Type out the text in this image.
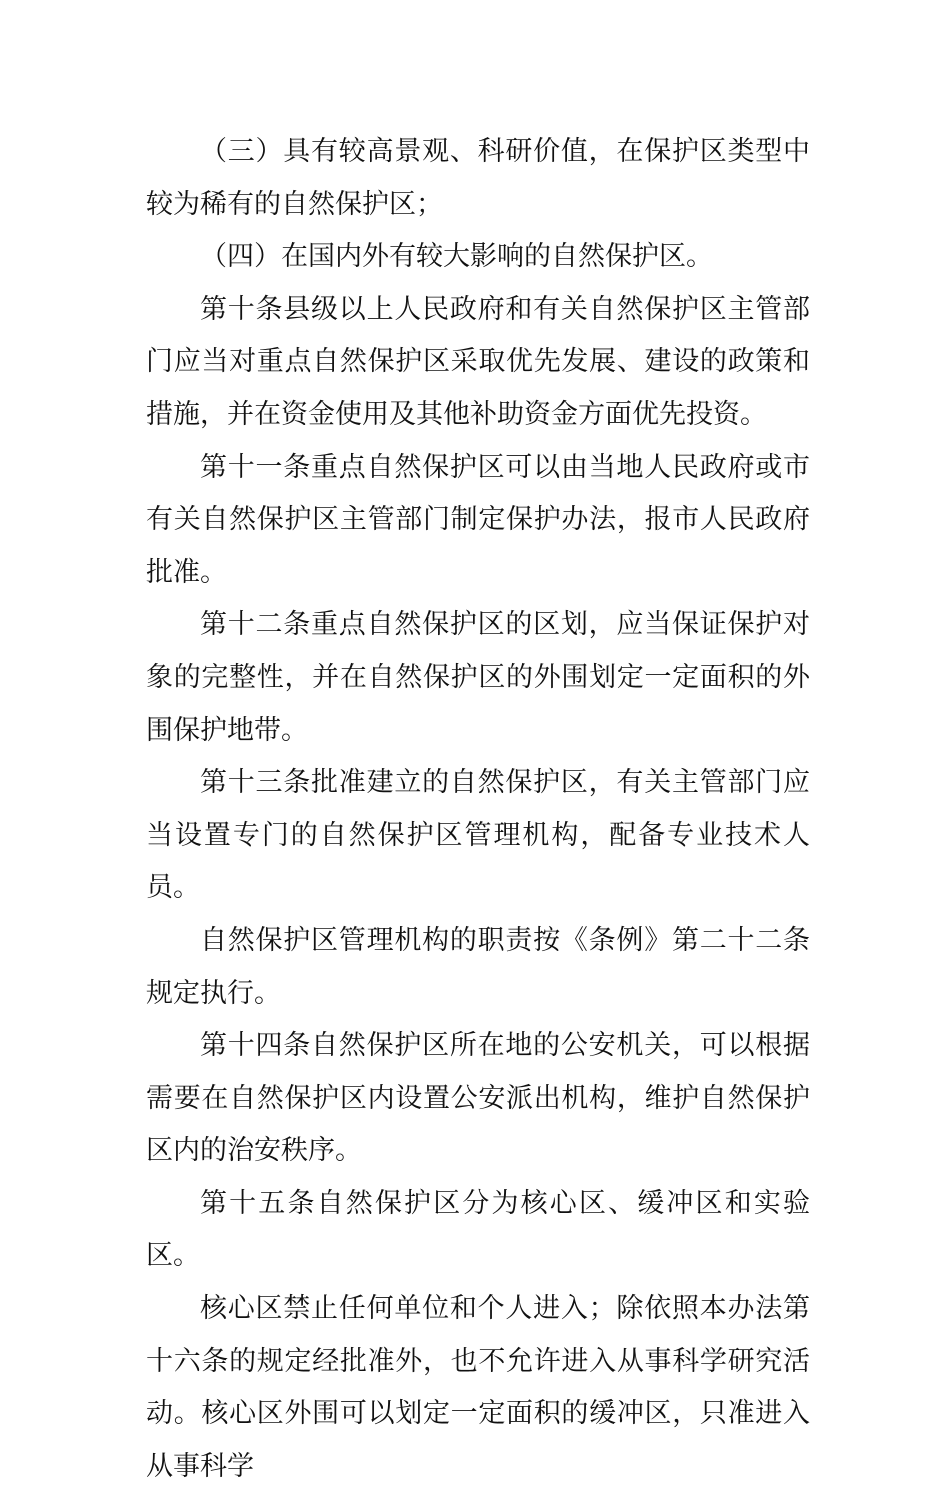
（三）具有较高景观、科研价值，在保护区类型中较为稀有的自然保护区；

（四）在国内外有较大影响的自然保护区。

第十条县级以上人民政府和有关自然保护区主管部门应当对重点自然保护区采取优先发展、建设的政策和措施，并在资金使用及其他补助资金方面优先投资。

第十一条重点自然保护区可以由当地人民政府或市有关自然保护区主管部门制定保护办法，报市人民政府批准。

第十二条重点自然保护区的区划，应当保证保护对象的完整性，并在自然保护区的外围划定一定面积的外围保护地带。

第十三条批准建立的自然保护区，有关主管部门应当设置专门的自然保护区管理机构，配备专业技术人员。

自然保护区管理机构的职责按《条例》第二十二条规定执行。

第十四条自然保护区所在地的公安机关，可以根据需要在自然保护区内设置公安派出机构，维护自然保护区内的治安秩序。

第十五条自然保护区分为核心区、缓冲区和实验区。

核心区禁止任何单位和个人进入；除依照本办法第十六条的规定经批准外，也不允许进入从事科学研究活动。核心区外围可以划定一定面积的缓冲区，只准进入从事科学
